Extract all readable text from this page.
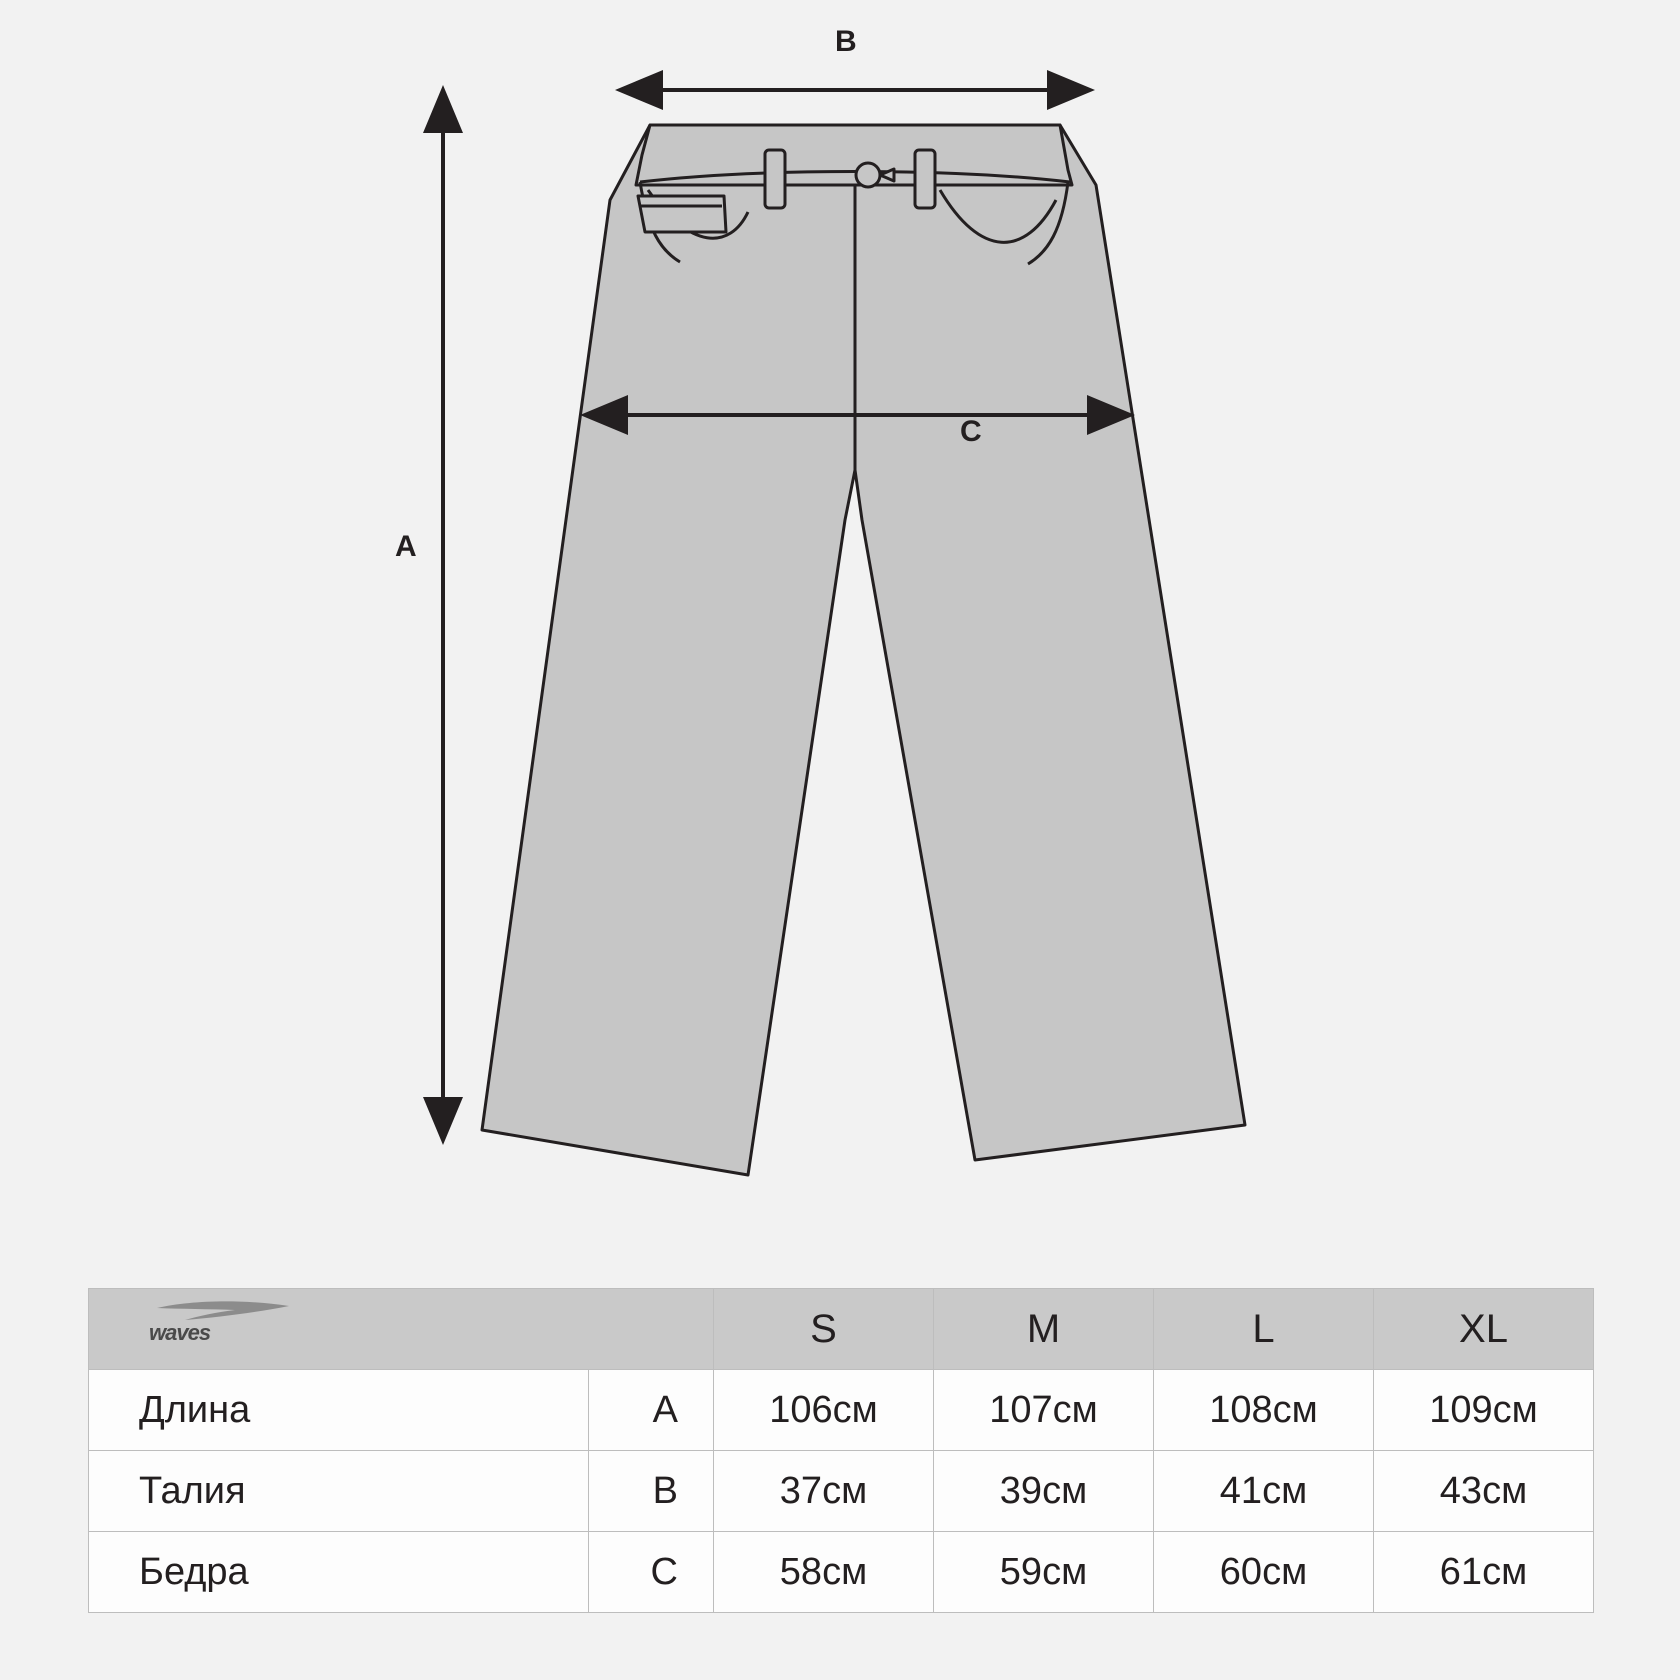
A
B
C
waves		S	M	L	XL
Длина	A	106см	107см	108см	109см
Талия	B	37см	39см	41см	43см
Бедра	C	58см	59см	60см	61см
